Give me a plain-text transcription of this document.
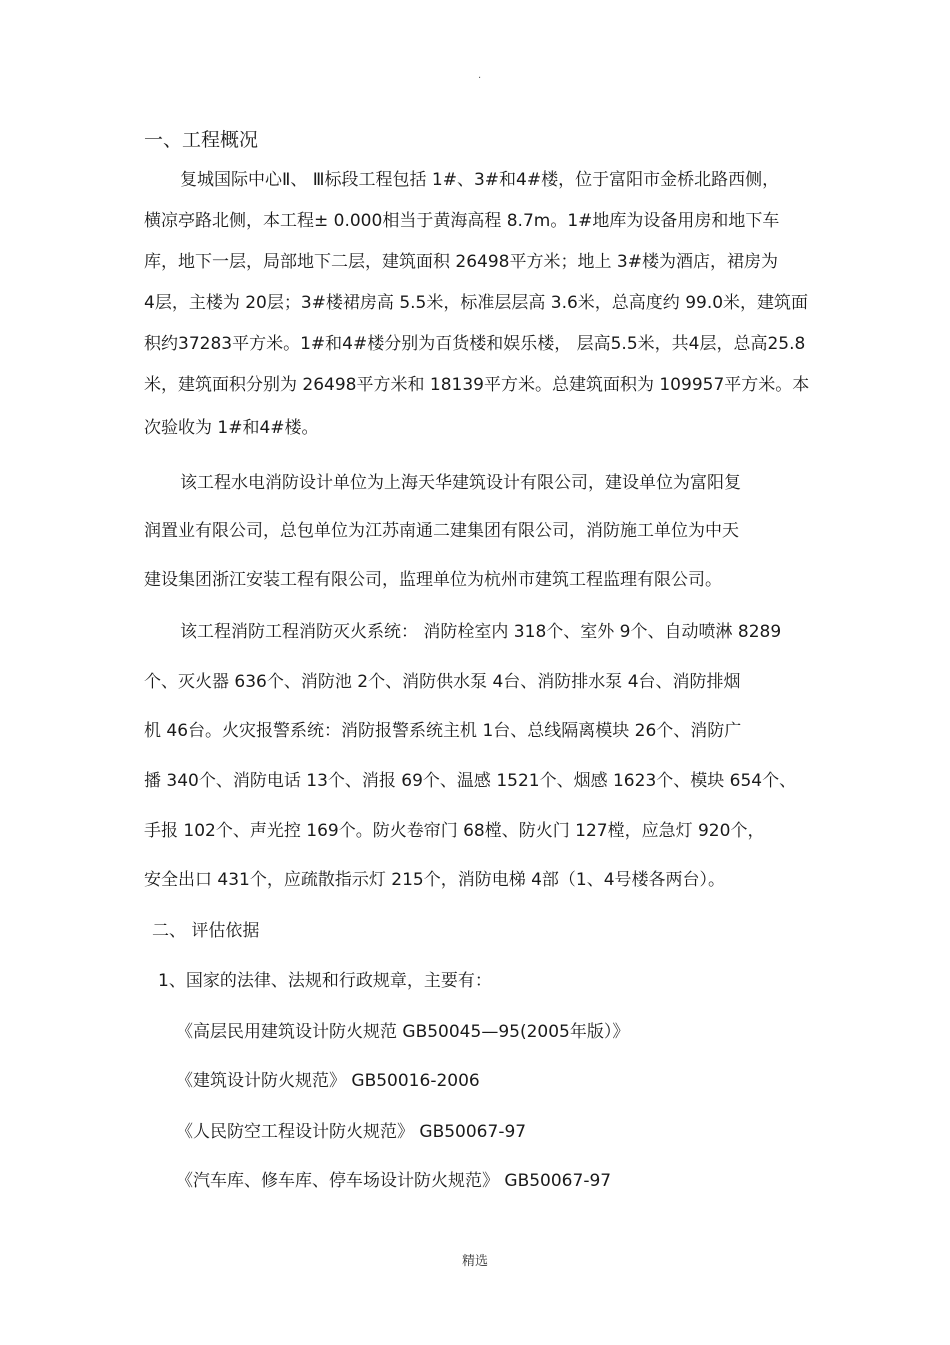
.
一、工程概况
复城国际中心Ⅱ、 Ⅲ标段工程包括 1#、3#和4#楼，位于富阳市金桥北路西侧，
横凉亭路北侧，本工程± 0.000相当于黄海高程 8.7m。1#地库为设备用房和地下车
库，地下一层，局部地下二层，建筑面积 26498平方米；地上 3#楼为酒店，裙房为
4层，主楼为 20层；3#楼裙房高 5.5米，标准层层高 3.6米，总高度约 99.0米，建筑面
积约37283平方米。1#和4#楼分别为百货楼和娱乐楼， 层高5.5米，共4层，总高25.8
米，建筑面积分别为 26498平方米和 18139平方米。总建筑面积为 109957平方米。本
次验收为 1#和4#楼。
该工程水电消防设计单位为上海天华建筑设计有限公司，建设单位为富阳复
润置业有限公司，总包单位为江苏南通二建集团有限公司，消防施工单位为中天
建设集团浙江安装工程有限公司，监理单位为杭州市建筑工程监理有限公司。
该工程消防工程消防灭火系统： 消防栓室内 318个、室外 9个、自动喷淋 8289
个、灭火器 636个、消防池 2个、消防供水泵 4台、消防排水泵 4台、消防排烟
机 46台。火灾报警系统：消防报警系统主机 1台、总线隔离模块 26个、消防广
播 340个、消防电话 13个、消报 69个、温感 1521个、烟感 1623个、模块 654个、
手报 102个、声光控 169个。防火卷帘门 68樘、防火门 127樘，应急灯 920个，
安全出口 431个，应疏散指示灯 215个，消防电梯 4部（1、4号楼各两台）。
二、 评估依据
1、国家的法律、法规和行政规章，主要有：
《高层民用建筑设计防火规范 GB50045—95(2005年版）》
《建筑设计防火规范》 GB50016-2006
《人民防空工程设计防火规范》 GB50067-97
《汽车库、修车库、停车场设计防火规范》 GB50067-97
精选
